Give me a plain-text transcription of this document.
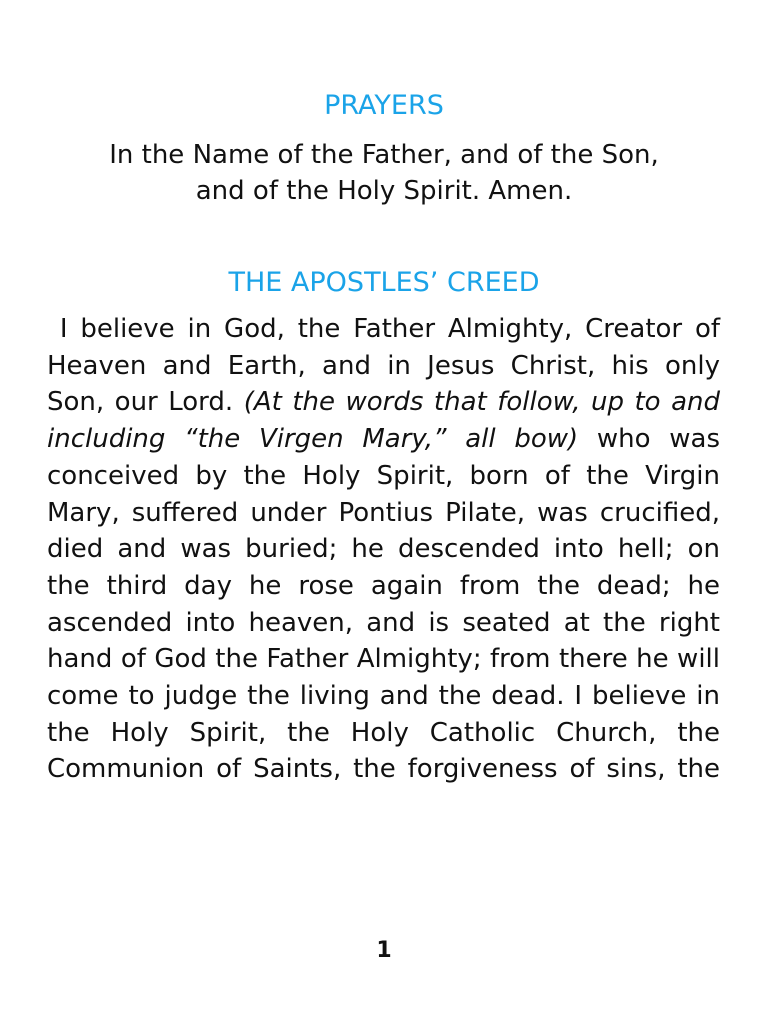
PRAYERS

In the Name of the Father, and of the Son,
and of the Holy Spirit. Amen.

THE APOSTLES’ CREED

I believe in God, the Father Almighty, Creator of Heaven and Earth, and in Jesus Christ, his only Son, our Lord. (At the words that follow, up to and including “the Virgen Mary,” all bow) who was conceived by the Holy Spirit, born of the Virgin Mary, suffered under Pontius Pilate, was crucified, died and was buried; he descended into hell; on the third day he rose again from the dead; he ascended into heaven, and is seated at the right hand of God the Father Almighty; from there he will come to judge the living and the dead. I believe in the Holy Spirit, the Holy Catholic Church, the Communion of Saints, the forgiveness of sins, the

1
